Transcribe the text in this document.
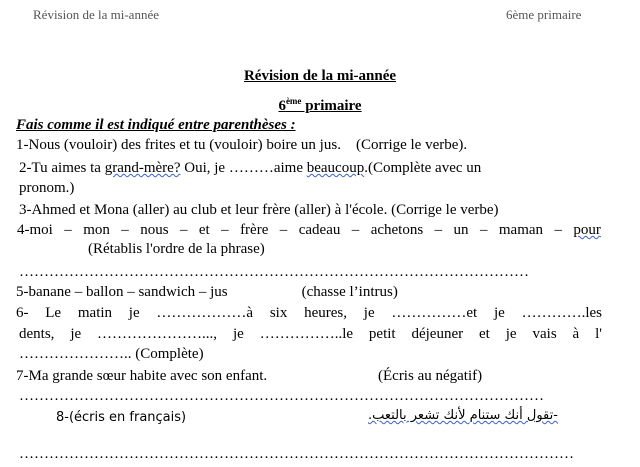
Révision de la mi-année	6ème primaire
Révision de la mi-année
6ème primaire
Fais comme il est indiqué entre parenthèses :
1-Nous (vouloir) des frites et tu (vouloir) boire un jus. (Corrige le verbe).
2-Tu aimes ta grand-mère? Oui, je ………aime beaucoup.(Complète avec un
pronom.)
3-Ahmed et Mona (aller) au club et leur frère (aller) à l'école. (Corrige le verbe)
4-moi – mon – nous – et – frère – cadeau – achetons – un – maman – pour
(Rétablis l'ordre de la phrase)
…………………………………………………………………………………………
5-banane – ballon – sandwich – jus	(chasse l’intrus)
6- Le matin je ………………à six heures, je ……………et je ………….les
dents, je …………………..., je ……………..le petit déjeuner et je vais à l'
………………….. (Complète)
7-Ma grande sœur habite avec son enfant.	(Écris au négatif)
……………………………………………………………………………………………
8-(écris en français)	-تقول أنك ستنام لأنك تشعر بالتعب.
…………………………………………………………………………………………………
